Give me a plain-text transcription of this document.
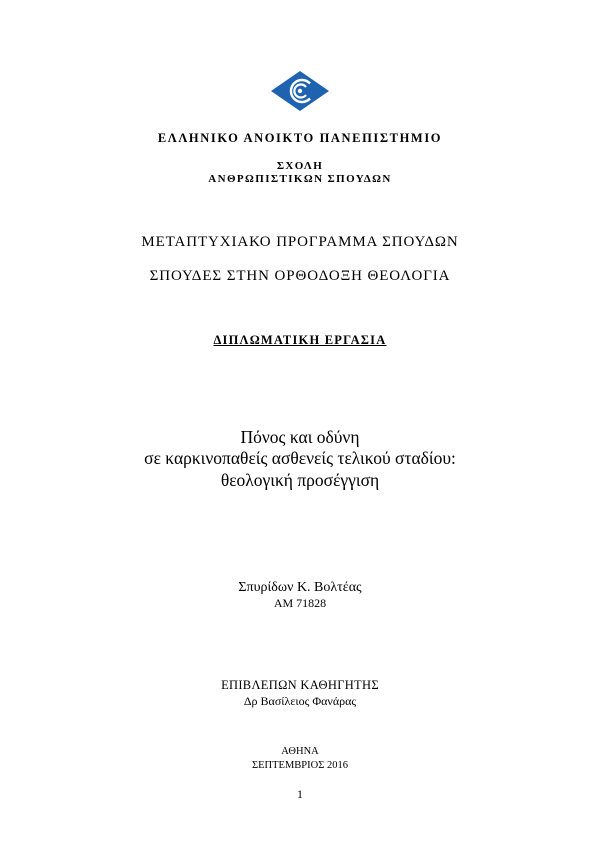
ΕΛΛΗΝΙΚΟ ΑΝΟΙΚΤΟ ΠΑΝΕΠΙΣΤΗΜΙΟ
ΣΧΟΛΗ
ΑΝΘΡΩΠΙΣΤΙΚΩΝ ΣΠΟΥΔΩΝ
ΜΕΤΑΠΤΥΧΙΑΚΟ ΠΡΟΓΡΑΜΜΑ ΣΠΟΥΔΩΝ
ΣΠΟΥΔΕΣ ΣΤΗΝ ΟΡΘΟΔΟΞΗ ΘΕΟΛΟΓΙΑ
ΔΙΠΛΩΜΑΤΙΚΗ ΕΡΓΑΣΙΑ
Πόνος και οδύνη
σε καρκινοπαθείς ασθενείς τελικού σταδίου:
θεολογική προσέγγιση
Σπυρίδων Κ. Βολτέας
ΑΜ 71828
ΕΠΙΒΛΕΠΩΝ ΚΑΘΗΓΗΤΗΣ
Δρ Βασίλειος Φανάρας
ΑΘΗΝΑ
ΣΕΠΤΕΜΒΡΙΟΣ 2016
1
